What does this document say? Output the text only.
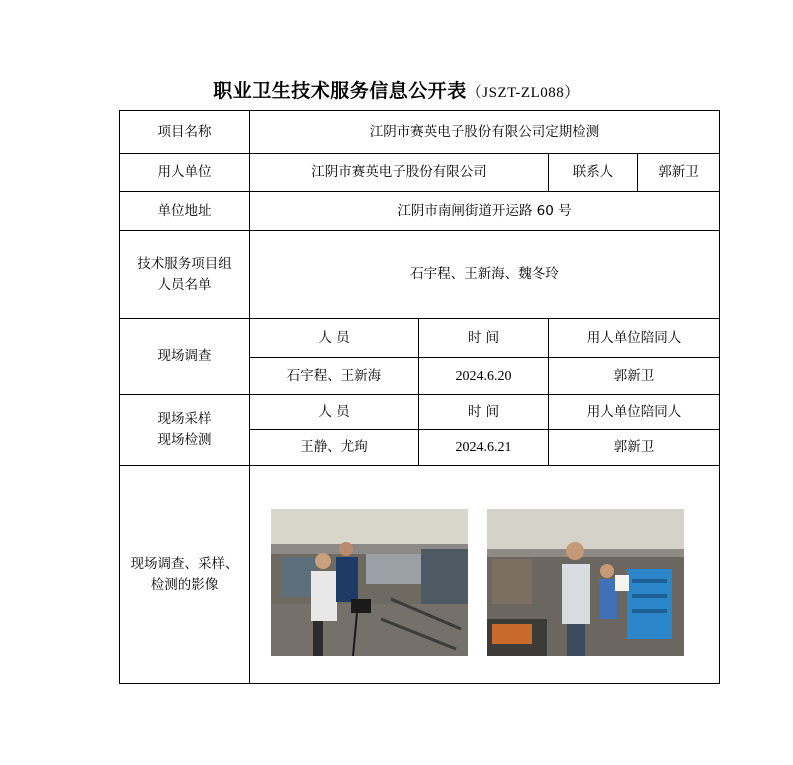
职业卫生技术服务信息公开表（JSZT-ZL088）
项目名称	江阴市赛英电子股份有限公司定期检测			
用人单位	江阴市赛英电子股份有限公司		联系人	郭新卫
单位地址	江阴市南闸街道开运路 60 号			

技术服务项目组
人员名单	石宇程、王新海、魏冬玲			
现场调查	人 员	时 间	用人单位陪同人	
	石宇程、王新海	2024.6.20	郭新卫	

现场采样
现场检测	人 员	时 间	用人单位陪同人	
	王静、尤珣	2024.6.21	郭新卫	

现场调查、采样、
检测的影像
